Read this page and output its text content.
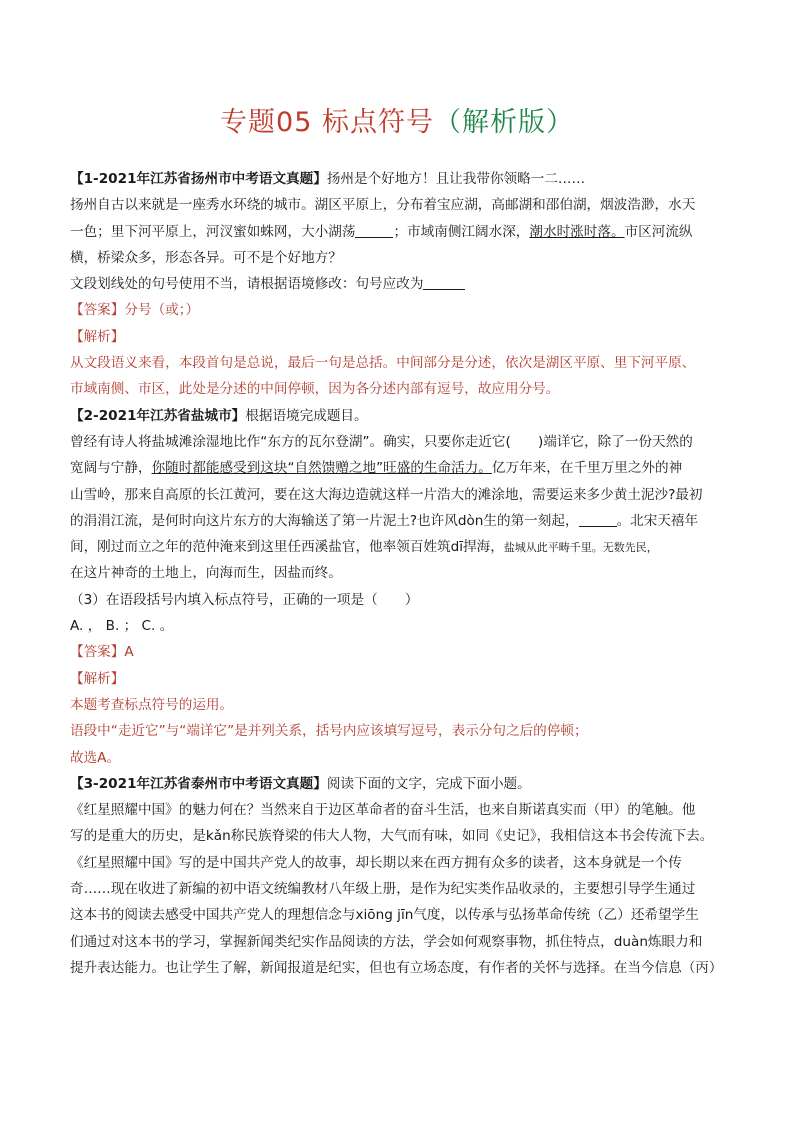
专题05 标点符号（解析版）
【1-2021年江苏省扬州市中考语文真题】扬州是个好地方！且让我带你领略一二……
扬州自古以来就是一座秀水环绕的城市。湖区平原上，分布着宝应湖，高邮湖和邵伯湖，烟波浩渺，水天
一色；里下河平原上，河汊蜜如蛛网，大小湖荡	；市域南侧江阔水深，潮水时涨时落。市区河流纵
横，桥梁众多，形态各异。可不是个好地方？
文段划线处的句号使用不当，请根据语境修改：句号应改为
【答案】分号（或；）
【解析】
从文段语义来看，本段首句是总说，最后一句是总括。中间部分是分述，依次是湖区平原、里下河平原、
市域南侧、市区，此处是分述的中间停顿，因为各分述内部有逗号，故应用分号。
【2-2021年江苏省盐城市】根据语境完成题目。
曾经有诗人将盐城滩涂湿地比作“东方的瓦尔登湖”。确实，只要你走近它(　　)端详它，除了一份天然的
宽阔与宁静，你随时都能感受到这块“自然馈赠之地”旺盛的生命活力。亿万年来，在千里万里之外的神
山雪岭，那来自高原的长江黄河，要在这大海边造就这样一片浩大的滩涂地，需要运来多少黄土泥沙?最初
的涓涓江流，是何时向这片东方的大海输送了第一片泥土?也许风dòn生的第一刻起，	。北宋天禧年
间，刚过而立之年的范仲淹来到这里任西溪盐官，他率领百姓筑dī捍海，盐城从此平畴千里。无数先民，
在这片神奇的土地上，向海而生，因盐而终。
（3）在语段括号内填入标点符号，正确的一项是（　　）
A. ， B. ； C. 。
【答案】A
【解析】
本题考查标点符号的运用。
语段中“走近它”与“端详它”是并列关系，括号内应该填写逗号，表示分句之后的停顿；
故选A。
【3-2021年江苏省泰州市中考语文真题】阅读下面的文字，完成下面小题。
《红星照耀中国》的魅力何在？当然来自于边区革命者的奋斗生活，也来自斯诺真实而（甲）的笔触。他
写的是重大的历史，是kǎn称民族脊梁的伟大人物，大气而有味，如同《史记》，我相信这本书会传流下去。
《红星照耀中国》写的是中国共产党人的故事，却长期以来在西方拥有众多的读者，这本身就是一个传
奇……现在收进了新编的初中语文统编教材八年级上册，是作为纪实类作品收录的，主要想引导学生通过
这本书的阅读去感受中国共产党人的理想信念与xiōng jīn气度，以传承与弘扬革命传统（乙）还希望学生
们通过对这本书的学习，掌握新闻类纪实作品阅读的方法，学会如何观察事物，抓住特点，duàn炼眼力和
提升表达能力。也让学生了解，新闻报道是纪实，但也有立场态度，有作者的关怀与选择。在当今信息（丙）
